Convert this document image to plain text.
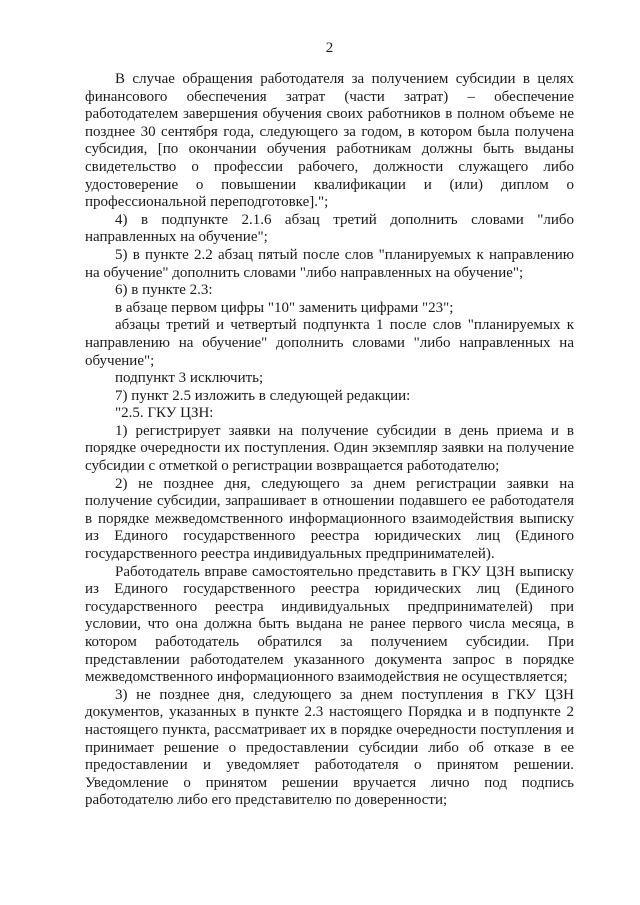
2

В случае обращения работодателя за получением субсидии в целях финансового обеспечения затрат (части затрат) – обеспечение работодателем завершения обучения своих работников в полном объеме не позднее 30 сентября года, следующего за годом, в котором была получена субсидия, [по окончании обучения работникам должны быть выданы свидетельство о профессии рабочего, должности служащего либо удостоверение о повышении квалификации и (или) диплом о профессиональной переподготовке].";

4) в подпункте 2.1.6 абзац третий дополнить словами "либо направленных на обучение";

5) в пункте 2.2 абзац пятый после слов "планируемых к направлению на обучение" дополнить словами "либо направленных на обучение";

6) в пункте 2.3:

в абзаце первом цифры "10" заменить цифрами "23";

абзацы третий и четвертый подпункта 1 после слов "планируемых к направлению на обучение" дополнить словами "либо направленных на обучение";

подпункт 3 исключить;

7) пункт 2.5 изложить в следующей редакции:

"2.5. ГКУ ЦЗН:

1) регистрирует заявки на получение субсидии в день приема и в порядке очередности их поступления. Один экземпляр заявки на получение субсидии с отметкой о регистрации возвращается работодателю;

2) не позднее дня, следующего за днем регистрации заявки на получение субсидии, запрашивает в отношении подавшего ее работодателя в порядке межведомственного информационного взаимодействия выписку из Единого государственного реестра юридических лиц (Единого государственного реестра индивидуальных предпринимателей).

Работодатель вправе самостоятельно представить в ГКУ ЦЗН выписку из Единого государственного реестра юридических лиц (Единого государственного реестра индивидуальных предпринимателей) при условии, что она должна быть выдана не ранее первого числа месяца, в котором работодатель обратился за получением субсидии. При представлении работодателем указанного документа запрос в порядке межведомственного информационного взаимодействия не осуществляется;

3) не позднее дня, следующего за днем поступления в ГКУ ЦЗН документов, указанных в пункте 2.3 настоящего Порядка и в подпункте 2 настоящего пункта, рассматривает их в порядке очередности поступления и принимает решение о предоставлении субсидии либо об отказе в ее предоставлении и уведомляет работодателя о принятом решении. Уведомление о принятом решении вручается лично под подпись работодателю либо его представителю по доверенности;
